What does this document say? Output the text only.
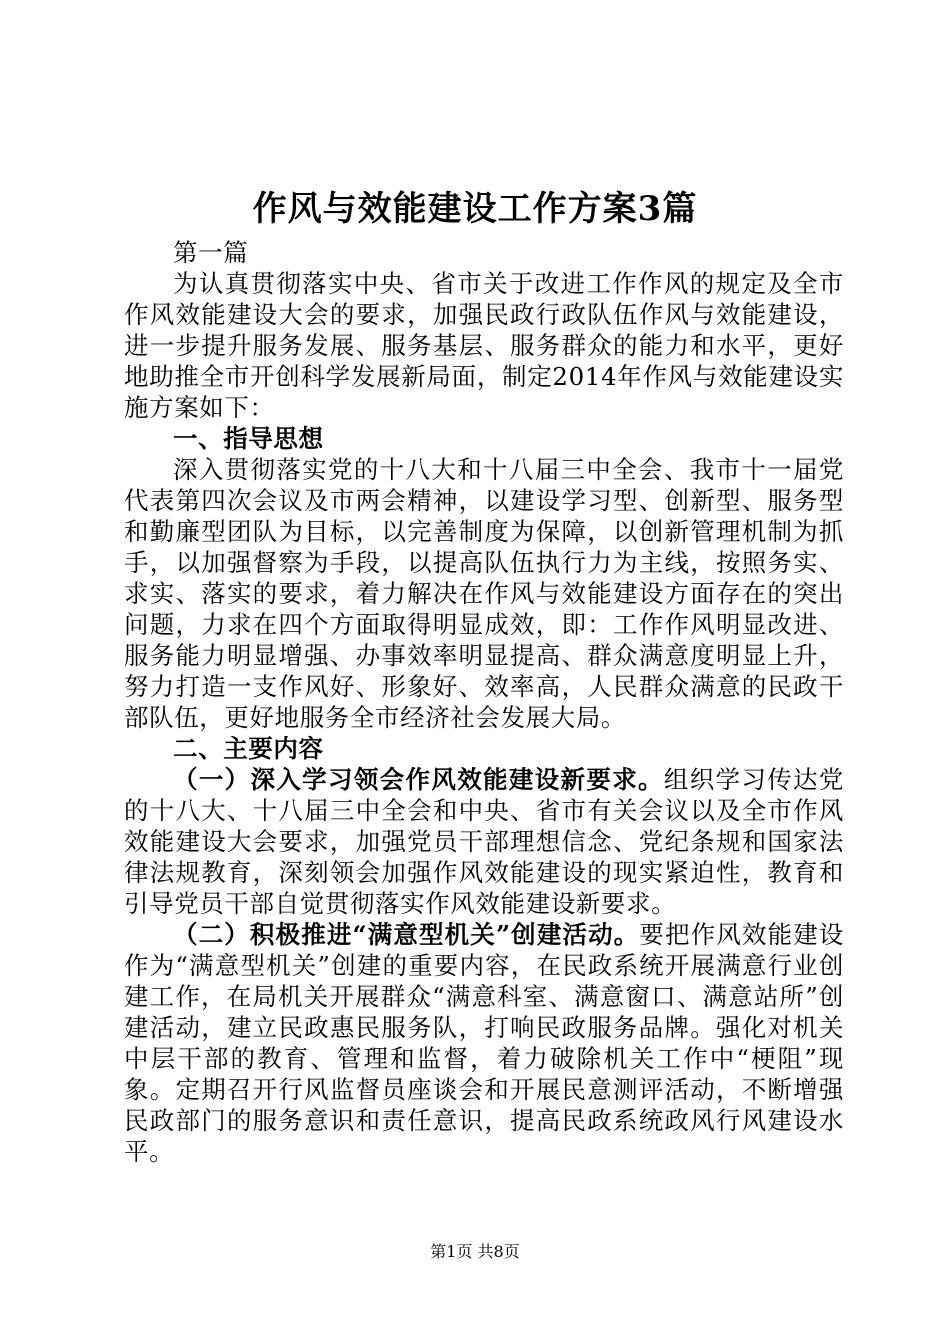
作风与效能建设工作方案3篇

第一篇

为认真贯彻落实中央、省市关于改进工作作风的规定及全市作风效能建设大会的要求，加强民政行政队伍作风与效能建设，进一步提升服务发展、服务基层、服务群众的能力和水平，更好地助推全市开创科学发展新局面，制定2014年作风与效能建设实施方案如下：

一、指导思想

深入贯彻落实党的十八大和十八届三中全会、我市十一届党代表第四次会议及市两会精神，以建设学习型、创新型、服务型和勤廉型团队为目标，以完善制度为保障，以创新管理机制为抓手，以加强督察为手段，以提高队伍执行力为主线，按照务实、求实、落实的要求，着力解决在作风与效能建设方面存在的突出问题，力求在四个方面取得明显成效，即：工作作风明显改进、服务能力明显增强、办事效率明显提高、群众满意度明显上升，努力打造一支作风好、形象好、效率高，人民群众满意的民政干部队伍，更好地服务全市经济社会发展大局。

二、主要内容

（一）深入学习领会作风效能建设新要求。组织学习传达党的十八大、十八届三中全会和中央、省市有关会议以及全市作风效能建设大会要求，加强党员干部理想信念、党纪条规和国家法律法规教育，深刻领会加强作风效能建设的现实紧迫性，教育和引导党员干部自觉贯彻落实作风效能建设新要求。

（二）积极推进“满意型机关”创建活动。要把作风效能建设作为“满意型机关”创建的重要内容，在民政系统开展满意行业创建工作，在局机关开展群众“满意科室、满意窗口、满意站所”创建活动，建立民政惠民服务队，打响民政服务品牌。强化对机关中层干部的教育、管理和监督，着力破除机关工作中“梗阻”现象。定期召开行风监督员座谈会和开展民意测评活动，不断增强民政部门的服务意识和责任意识，提高民政系统政风行风建设水平。

第1页 共8页
